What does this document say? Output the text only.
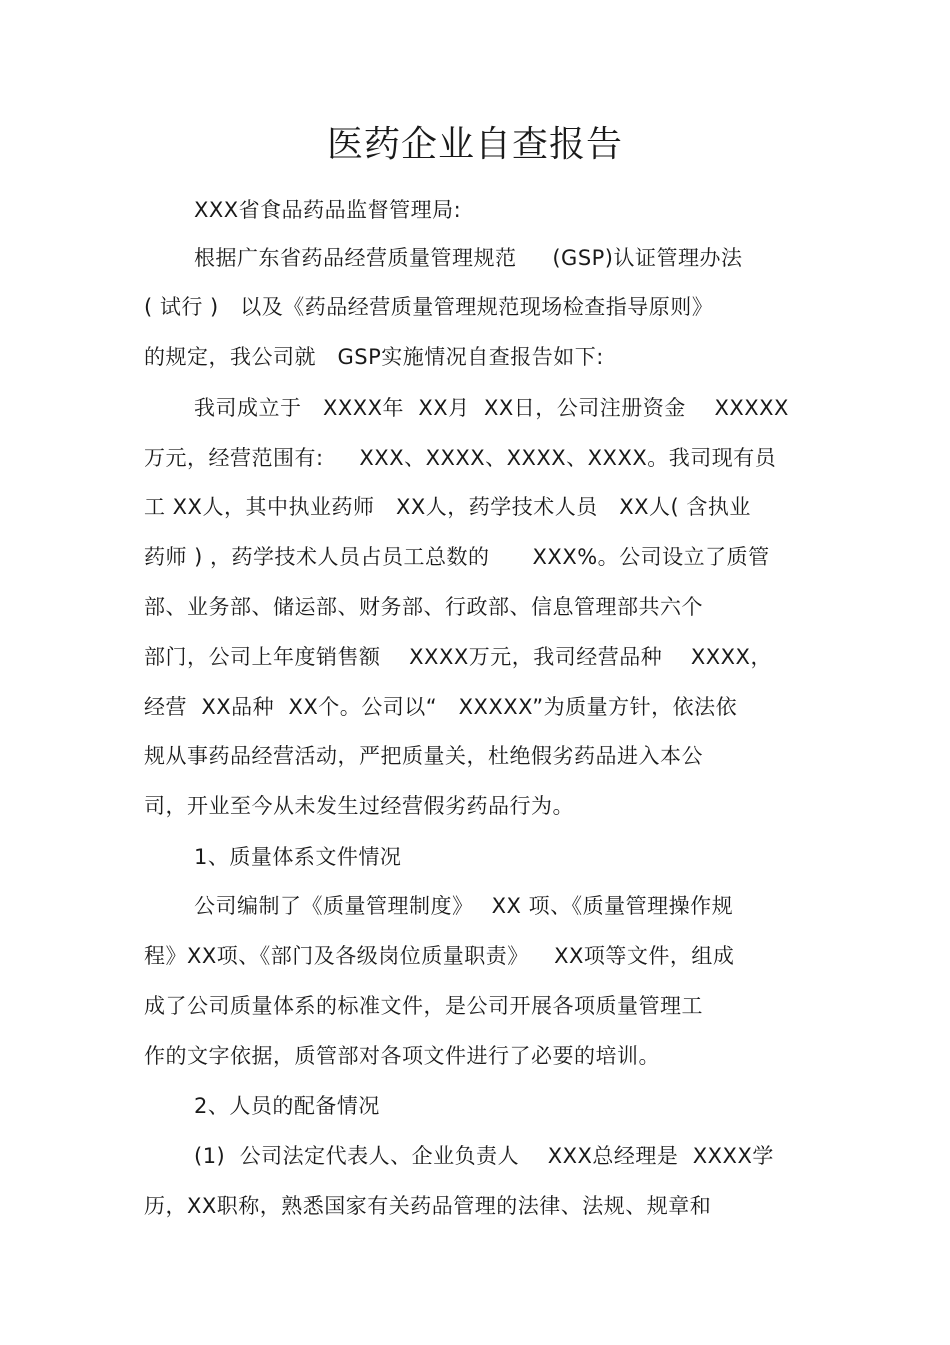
医药企业自查报告
XXX省食品药品监督管理局:
根据广东省药品经营质量管理规范　  (GSP)认证管理办法
( 试行 )　以及《药品经营质量管理规范现场检查指导原则》
的规定，我公司就　GSP实施情况自查报告如下:
我司成立于　XXXX年  XX月  XX日，公司注册资金　 XXXXX
万元，经营范围有:　  XXX、XXXX、XXXX、XXXX。我司现有员
工 XX人，其中执业药师　XX人，药学技术人员　XX人( 含执业
药师 ) ，药学技术人员占员工总数的　　XXX%。公司设立了质管
部、业务部、储运部、财务部、行政部、信息管理部共六个
部门，公司上年度销售额　 XXXX万元，我司经营品种　 XXXX，
经营  XX品种  XX个。公司以“　XXXXX”为质量方针，依法依
规从事药品经营活动，严把质量关，杜绝假劣药品进入本公
司，开业至今从未发生过经营假劣药品行为。
1、质量体系文件情况
公司编制了《质量管理制度》　 XX 项、《质量管理操作规
程》XX项、《部门及各级岗位质量职责》　  XX项等文件，组成
成了公司质量体系的标准文件，是公司开展各项质量管理工
作的文字依据，质管部对各项文件进行了必要的培训。
2、人员的配备情况
(1)  公司法定代表人、企业负责人　 XXX总经理是  XXXX学
历，XX职称，熟悉国家有关药品管理的法律、法规、规章和
